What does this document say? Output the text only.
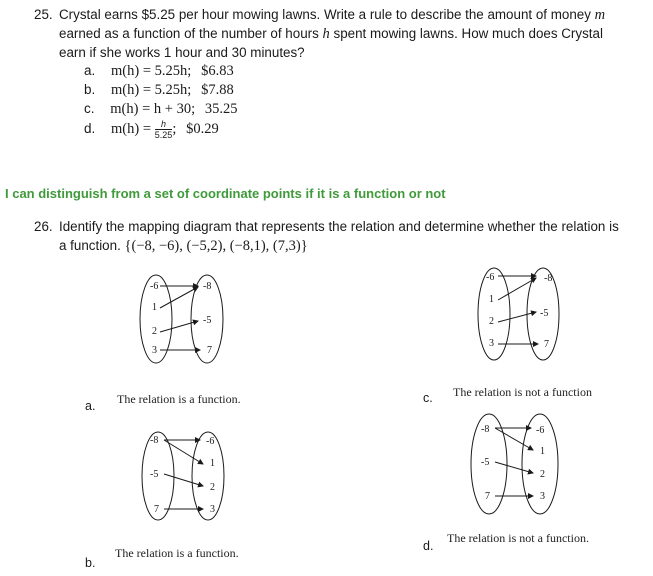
25. Crystal earns $5.25 per hour mowing lawns. Write a rule to describe the amount of money m
earned as a function of the number of hours h spent mowing lawns. How much does Crystal
earn if she works 1 hour and 30 minutes?
a. m(h) = 5.25h; $6.83
b. m(h) = 5.25h; $7.88
c. m(h) = h + 30; 35.25
d. $m(h) = \frac{h}{5.25}$ ; $0.29
I can distinguish from a set of coordinate points if it is a function or not
26. Identify the mapping diagram that represents the relation and determine whether the relation is
a function. {(−8, −6), (−5,2), (−8,1), (7,3)}
-6
1
2
3
-8
-5
7
The relation is a function.
a.
-8
-5
7
-6
1
2
3
The relation is a function.
b.
-6
1
2
3
-8
-5
7
The relation is not a function
c.
-8
-5
7
-6
1
2
3
The relation is not a function.
d.
